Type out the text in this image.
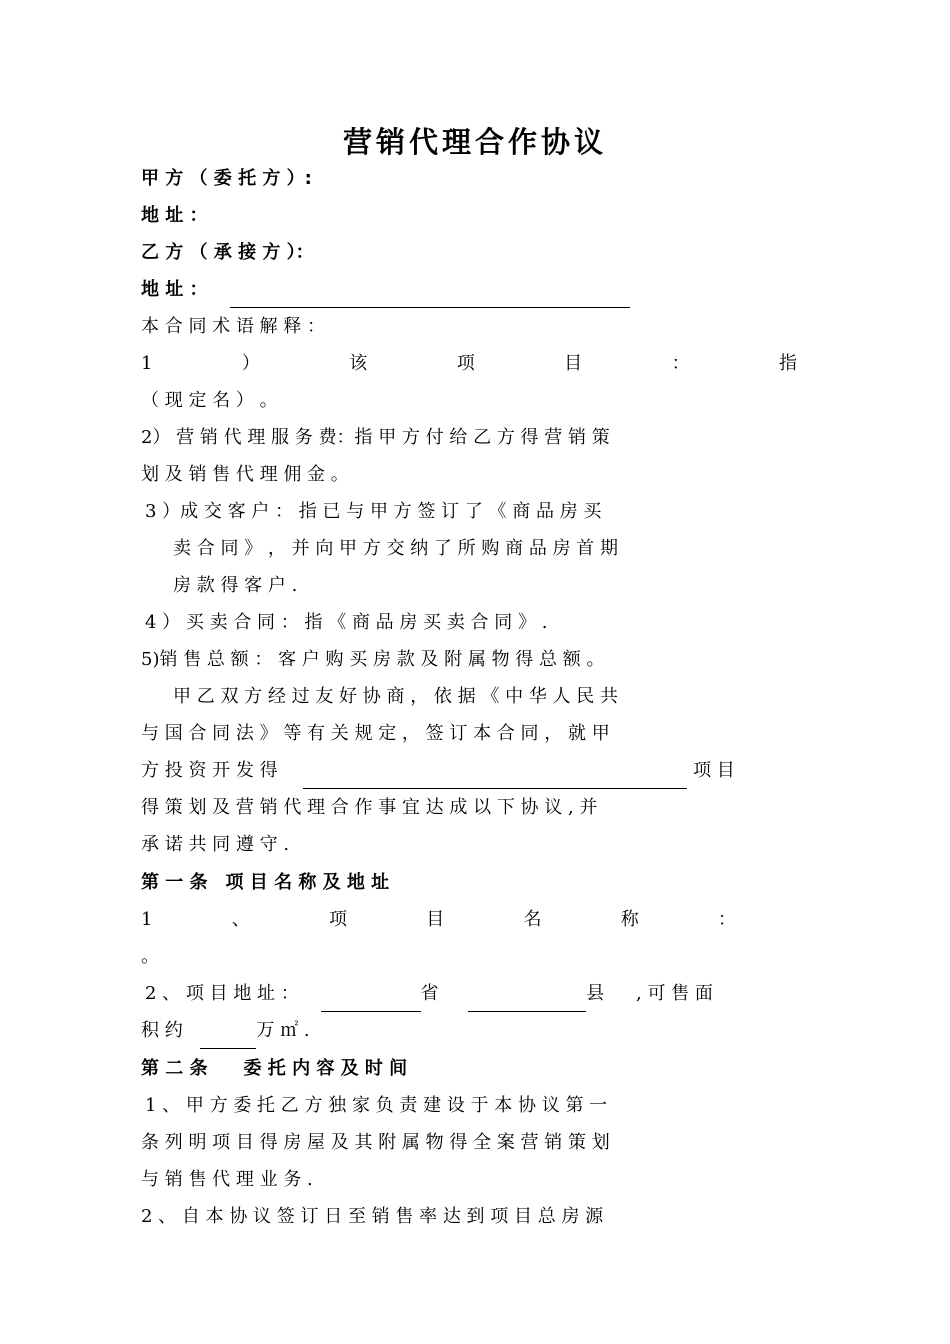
营销代理合作协议
甲 方 （ 委 托 方 ）:
地 址 ：
乙 方 （ 承 接 方 ）：
地 址 ：
本 合 同 术 语 解 释 ：
1	）	该	项	目	：	指
（ 现 定 名 ） 。
2） 营 销 代 理 服 务 费：指 甲 方 付 给 乙 方 得 营 销 策
划 及 销 售 代 理 佣 金 。
3 ）成 交 客 户 ： 指 已 与 甲 方 签 订 了 《 商 品 房 买
卖 合 同 》 ， 并 向 甲 方 交 纳 了 所 购 商 品 房 首 期
房 款 得 客 户 .
4 ） 买 卖 合 同 ： 指 《 商 品 房 买 卖 合 同 》 .
5)销 售 总 额 ： 客 户 购 买 房 款 及 附 属 物 得 总 额 。
甲 乙 双 方 经 过 友 好 协 商 ， 依 据 《 中 华 人 民 共
与 国 合 同 法 》 等 有 关 规 定 ， 签 订 本 合 同 ， 就 甲
方 投 资 开 发 得	项 目
得 策 划 及 营 销 代 理 合 作 事 宜 达 成 以 下 协 议 , 并
承 诺 共 同 遵 守 .
第 一 条　项 目 名 称 及 地 址
1	、	项	目	名	称	：
。
2 、 项 目 地 址 ：	省	县 , 可 售 面
积 约	万 ㎡ .
第 二 条　　委 托 内 容 及 时 间
1 、 甲 方 委 托 乙 方 独 家 负 责 建 设 于 本 协 议 第 一
条 列 明 项 目 得 房 屋 及 其 附 属 物 得 全 案 营 销 策 划
与 销 售 代 理 业 务 .
2 、 自 本 协 议 签 订 日 至 销 售 率 达 到 项 目 总 房 源
